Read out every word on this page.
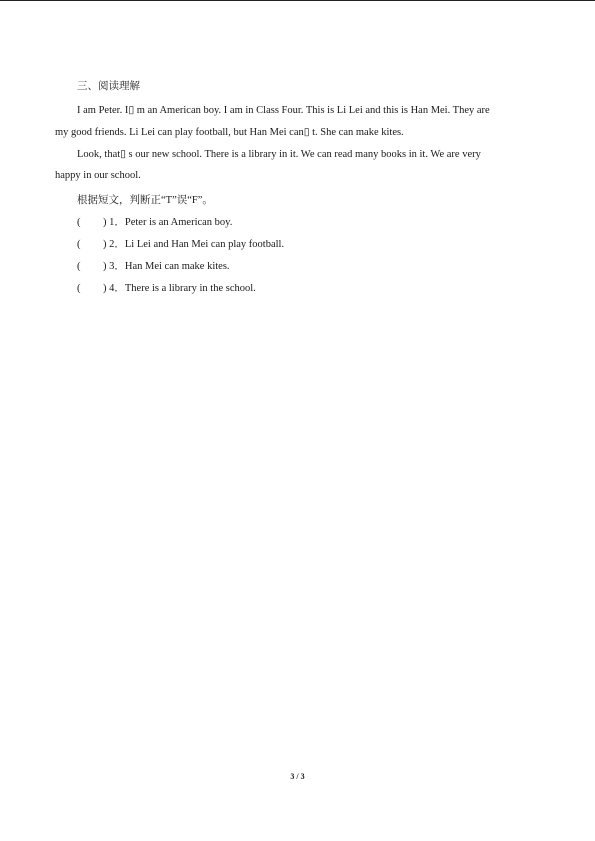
三、阅读理解
I am Peter. I▯ m an American boy. I am in Class Four. This is Li Lei and this is Han Mei. They are
my good friends. Li Lei can play football, but Han Mei can▯ t. She can make kites.
Look, that▯ s our new school. There is a library in it. We can read many books in it. We are very
happy in our school.
根据短文，判断正“T”误“F”。
( ) 1．Peter is an American boy.
( ) 2．Li Lei and Han Mei can play football.
( ) 3．Han Mei can make kites.
( ) 4．There is a library in the school.
3 / 3
